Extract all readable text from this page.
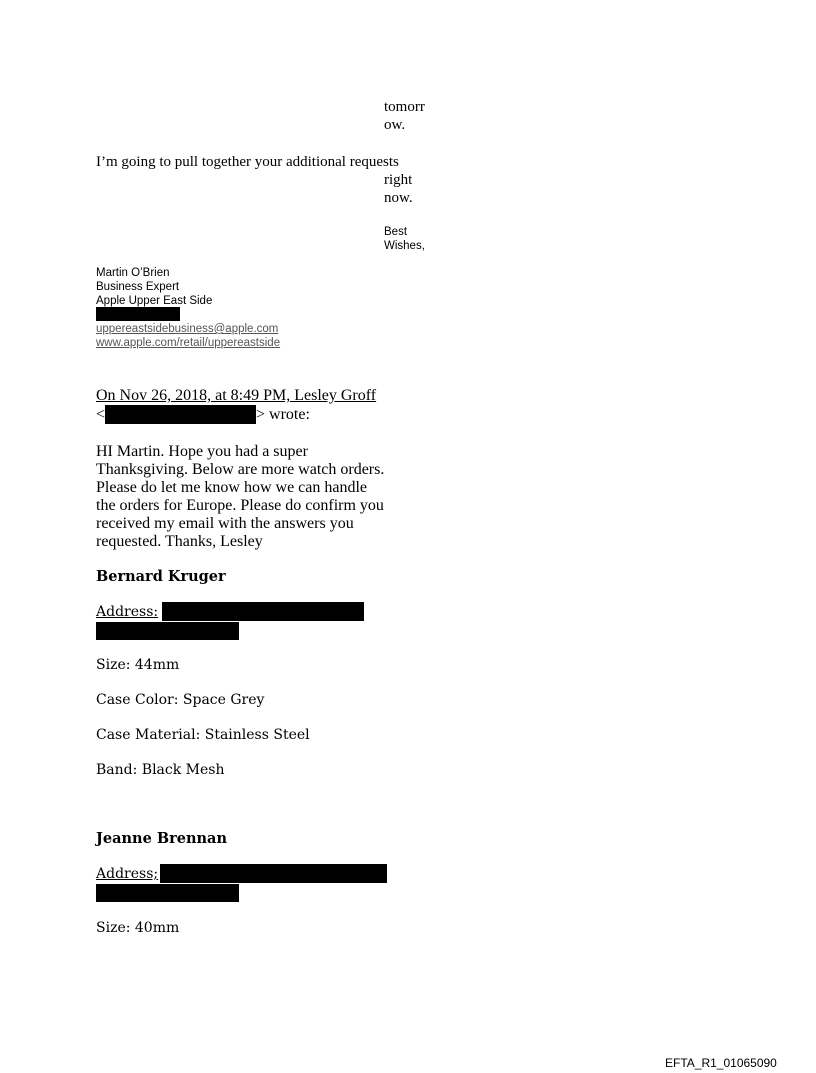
tomorr
ow.
I’m going to pull together your additional requests
right
now.
Best
Wishes,
Martin O’Brien
Business Expert
Apple Upper East Side
uppereastsidebusiness@apple.com
www.apple.com/retail/uppereastside
On Nov 26, 2018, at 8:49 PM, Lesley Groff
<	> wrote:
HI Martin. Hope you had a super
Thanksgiving. Below are more watch orders.
Please do let me know how we can handle
the orders for Europe. Please do confirm you
received my email with the answers you
requested. Thanks, Lesley
Bernard Kruger
Address:
Size: 44mm
Case Color: Space Grey
Case Material: Stainless Steel
Band: Black Mesh
Jeanne Brennan
Address;
Size: 40mm
EFTA_R1_01065090
